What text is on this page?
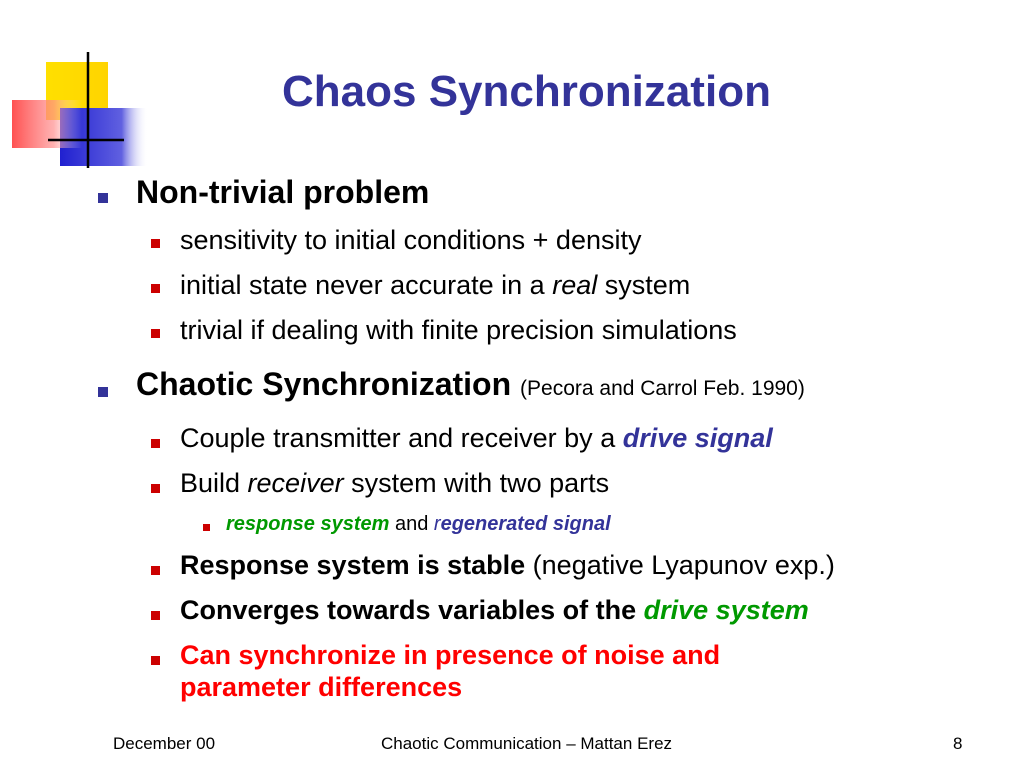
Chaos Synchronization
Non-trivial problem
sensitivity to initial conditions + density
initial state never accurate in a real system
trivial if dealing with finite precision simulations
Chaotic Synchronization (Pecora and Carrol Feb. 1990)
Couple transmitter and receiver by a drive signal
Build receiver system with two parts
response system and regenerated signal
Response system is stable (negative Lyapunov exp.)
Converges towards variables of the drive system
Can synchronize in presence of noise and
parameter differences
December 00	Chaotic Communication – Mattan Erez	8
